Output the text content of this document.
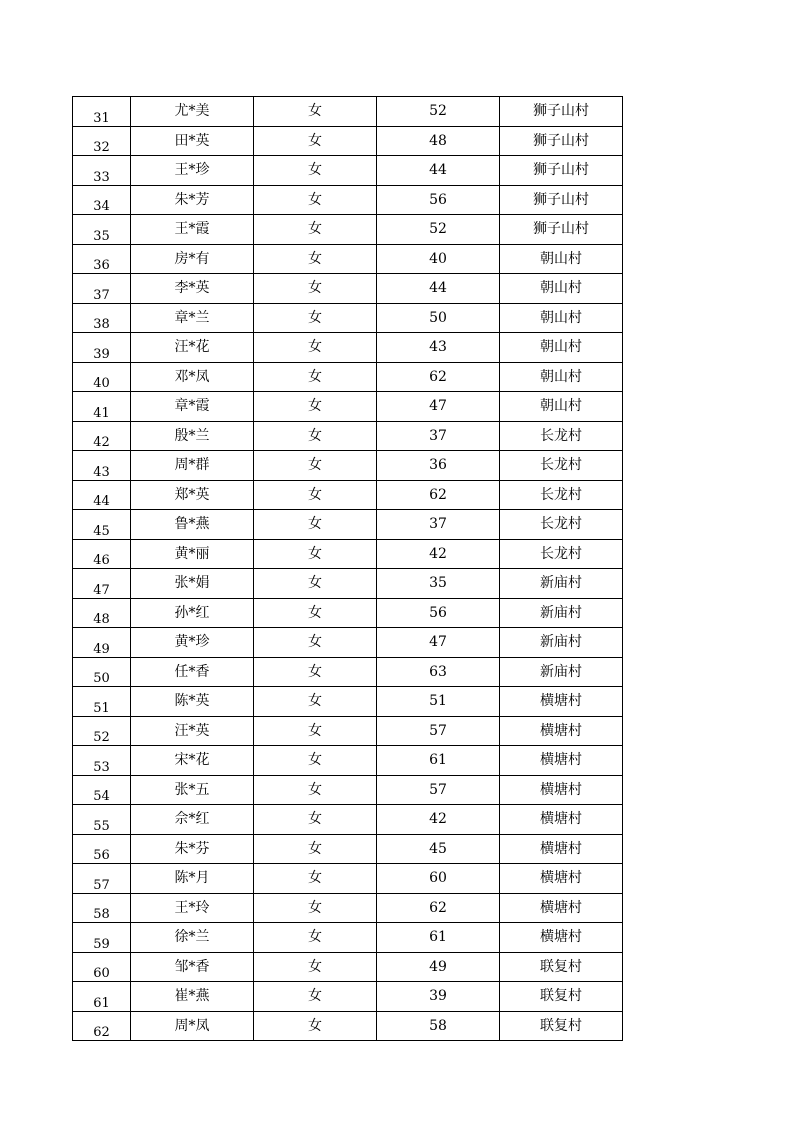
31	尤*美	女	52	狮子山村
32	田*英	女	48	狮子山村
33	王*珍	女	44	狮子山村
34	朱*芳	女	56	狮子山村
35	王*霞	女	52	狮子山村
36	房*有	女	40	朝山村
37	李*英	女	44	朝山村
38	章*兰	女	50	朝山村
39	汪*花	女	43	朝山村
40	邓*凤	女	62	朝山村
41	章*霞	女	47	朝山村
42	殷*兰	女	37	长龙村
43	周*群	女	36	长龙村
44	郑*英	女	62	长龙村
45	鲁*燕	女	37	长龙村
46	黄*丽	女	42	长龙村
47	张*娟	女	35	新庙村
48	孙*红	女	56	新庙村
49	黄*珍	女	47	新庙村
50	任*香	女	63	新庙村
51	陈*英	女	51	横塘村
52	汪*英	女	57	横塘村
53	宋*花	女	61	横塘村
54	张*五	女	57	横塘村
55	佘*红	女	42	横塘村
56	朱*芬	女	45	横塘村
57	陈*月	女	60	横塘村
58	王*玲	女	62	横塘村
59	徐*兰	女	61	横塘村
60	邹*香	女	49	联复村
61	崔*燕	女	39	联复村
62	周*凤	女	58	联复村
